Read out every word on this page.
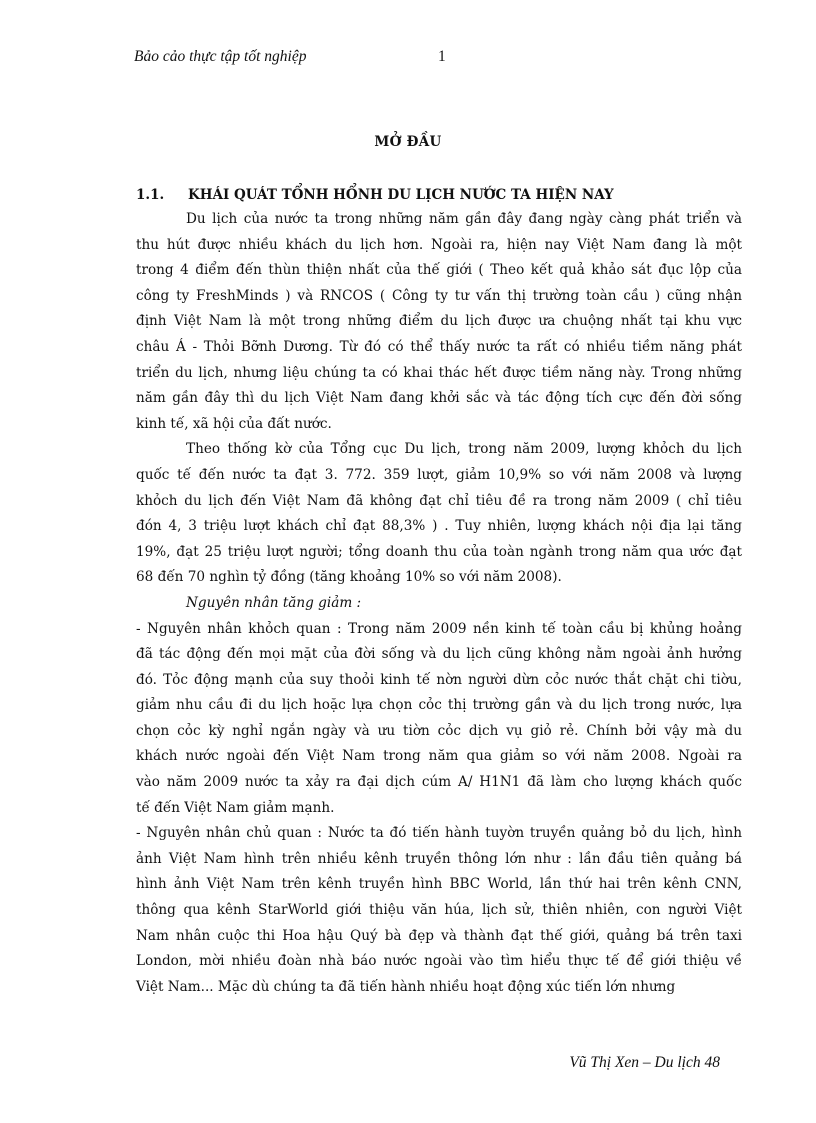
Bảo cảo thực tập tốt nghiệp	1
MỞ ĐẦU
1.1. KHÁI QUÁT TỔNH HỔNH DU LỊCH NƯỚC TA HIỆN NAY
Du lịch của nước ta trong những năm gần đây đang ngày càng phát triển và
thu hút được nhiều khách du lịch hơn. Ngoài ra, hiện nay Việt Nam đang là một
trong 4 điểm đến thùn thiện nhất của thế giới ( Theo kết quả khảo sát đục lộp của
công ty FreshMinds ) và RNCOS ( Công ty tư vấn thị trường toàn cầu ) cũng nhận
định Việt Nam là một trong những điểm du lịch được ưa chuộng nhất tại khu vực
châu Á - Thỏi Bỡnh Dương. Từ đó có thể thấy nước ta rất có nhiều tiềm năng phát
triển du lịch, nhưng liệu chúng ta có khai thác hết được tiềm năng này. Trong những
năm gần đây thì du lịch Việt Nam đang khởi sắc và tác động tích cực đến đời sống
kinh tế, xã hội của đất nước.
Theo thống kờ của Tổng cục Du lịch, trong năm 2009, lượng khỏch du lịch
quốc tế đến nước ta đạt 3. 772. 359 lượt, giảm 10,9% so với năm 2008 và lượng
khỏch du lịch đến Việt Nam đã không đạt chỉ tiêu đề ra trong năm 2009 ( chỉ tiêu
đón 4, 3 triệu lượt khách chỉ đạt 88,3% ) . Tuy nhiên, lượng khách nội địa lại tăng
19%, đạt 25 triệu lượt người; tổng doanh thu của toàn ngành trong năm qua ước đạt
68 đến 70 nghìn tỷ đồng (tăng khoảng 10% so với năm 2008).
Nguyên nhân tăng giảm :
- Nguyên nhân khỏch quan : Trong năm 2009 nền kinh tế toàn cầu bị khủng hoảng
đã tác động đến mọi mặt của đời sống và du lịch cũng không nằm ngoài ảnh hưởng
đó. Tỏc động mạnh của suy thoỏi kinh tế nờn người dừn cỏc nước thắt chặt chi tiờu,
giảm nhu cầu đi du lịch hoặc lựa chọn cỏc thị trường gần và du lịch trong nước, lựa
chọn cỏc kỳ nghỉ ngắn ngày và ưu tiờn cỏc dịch vụ giỏ rẻ. Chính bởi vậy mà du
khách nước ngoài đến Việt Nam trong năm qua giảm so với năm 2008. Ngoài ra
vào năm 2009 nước ta xảy ra đại dịch cúm A/ H1N1 đã làm cho lượng khách quốc
tế đến Việt Nam giảm mạnh.
- Nguyên nhân chủ quan : Nước ta đó tiến hành tuyờn truyền quảng bỏ du lịch, hình
ảnh Việt Nam hình trên nhiều kênh truyền thông lớn như : lần đầu tiên quảng bá
hình ảnh Việt Nam trên kênh truyền hình BBC World, lần thứ hai trên kênh CNN,
thông qua kênh StarWorld giới thiệu văn húa, lịch sử, thiên nhiên, con người Việt
Nam nhân cuộc thi Hoa hậu Quý bà đẹp và thành đạt thế giới, quảng bá trên taxi
London, mời nhiều đoàn nhà báo nước ngoài vào tìm hiểu thực tế để giới thiệu về
Việt Nam... Mặc dù chúng ta đã tiến hành nhiều hoạt động xúc tiến lớn nhưng
Vũ Thị Xen – Du lịch 48
